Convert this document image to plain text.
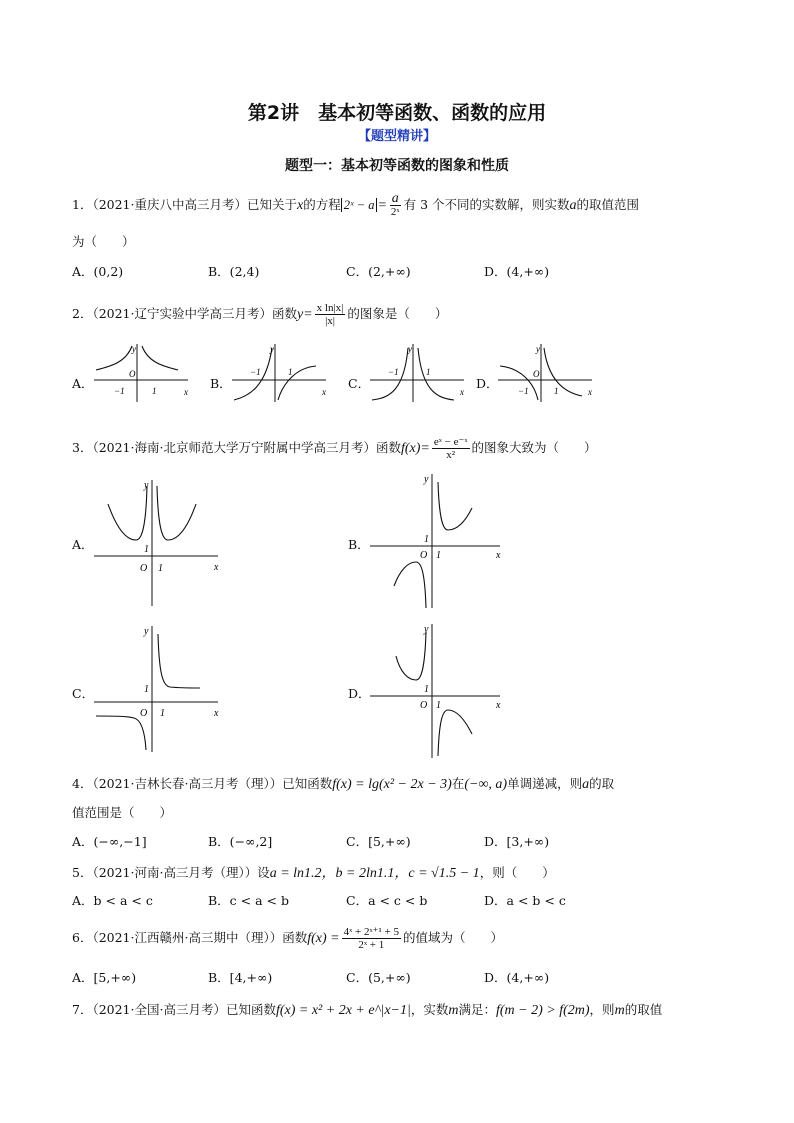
第2讲　基本初等函数、函数的应用
【题型精讲】
题型一：基本初等函数的图象和性质
1．（2021·重庆八中高三月考）已知关于x的方程 2ˣ − $a = \frac{a}{\text{2ˣ}}$ 有 3 个不同的实数解，则实数a的取值范围
为（　　）
A．(0,2)	B．(2,4)	C．(2,+∞)	D．(4,+∞)
2．（2021·辽宁实验中学高三月考）函数$y= \frac{\text{x ln|x|}}{|x|}$ 的图象是（　　）
A．
y
x
O
−1	1	B．
y
x
−1	1
C．
y
x
−1	1
D．
y
x
O
−1	1
3．（2021·海南·北京师范大学万宁附属中学高三月考）函数$f(x)= \frac{\text{eˣ − e⁻ˣ}}{\text{x²}}$ 的图象大致为（　　）
A．
y
x
O
1
1
B．
y
x
O
1
1
C．
y
x
O
1
1
D．
y
x
O
1
1
4．（2021·吉林长春·高三月考（理））已知函数f(x) = lg(x² − 2x − 3)在(−∞, a)单调递减，则a的取
值范围是（　　）
A．(−∞,−1]	B．(−∞,2]	C．[5,+∞)	D．[3,+∞)
5．（2021·河南·高三月考（理））设a = ln1.2，b = 2ln1.1，c = √1.5 − 1，则（　　）
A．b < a < c	B．c < a < b	C．a < c < b	D．a < b < c
6．（2021·江西赣州·高三期中（理））函数$f(x) = \frac{\text{4ˣ + 2ˣ⁺¹ + 5}}{\text{2ˣ + 1}}$ 的值域为（　　）
A．[5,+∞)	B．[4,+∞)	C．(5,+∞)	D．(4,+∞)
7．（2021·全国·高三月考）已知函数f(x) = x² + 2x + e^|x−1|，实数m满足：f(m − 2) > f(2m)，则m的取值
